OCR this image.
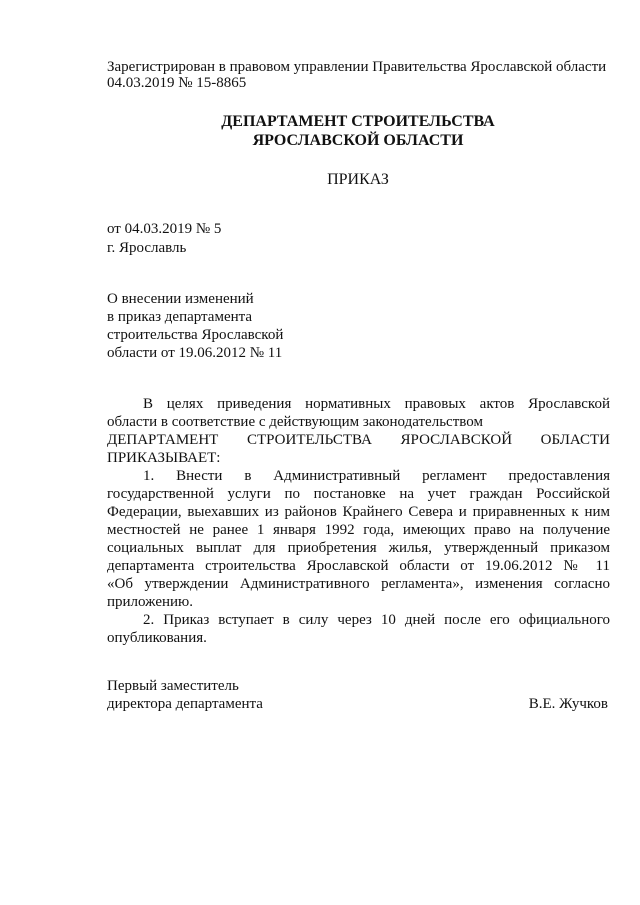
Зарегистрирован в правовом управлении Правительства Ярославской области
04.03.2019 № 15-8865
ДЕПАРТАМЕНТ СТРОИТЕЛЬСТВА
ЯРОСЛАВСКОЙ ОБЛАСТИ
ПРИКАЗ
от 04.03.2019 № 5
г. Ярославль
О внесении изменений
в приказ департамента
строительства Ярославской
области от 19.06.2012 № 11
В целях приведения нормативных правовых актов Ярославской
области в соответствие с действующим законодательством
ДЕПАРТАМЕНТ СТРОИТЕЛЬСТВА ЯРОСЛАВСКОЙ ОБЛАСТИ
ПРИКАЗЫВАЕТ:
1. Внести в Административный регламент предоставления
государственной услуги по постановке на учет граждан Российской
Федерации, выехавших из районов Крайнего Севера и приравненных к ним
местностей не ранее 1 января 1992 года, имеющих право на получение
социальных выплат для приобретения жилья, утвержденный приказом
департамента строительства Ярославской области от 19.06.2012 № 11
«Об утверждении Административного регламента», изменения согласно
приложению.
2. Приказ вступает в силу через 10 дней после его официального
опубликования.
Первый заместитель
директора департамента	В.Е. Жучков
